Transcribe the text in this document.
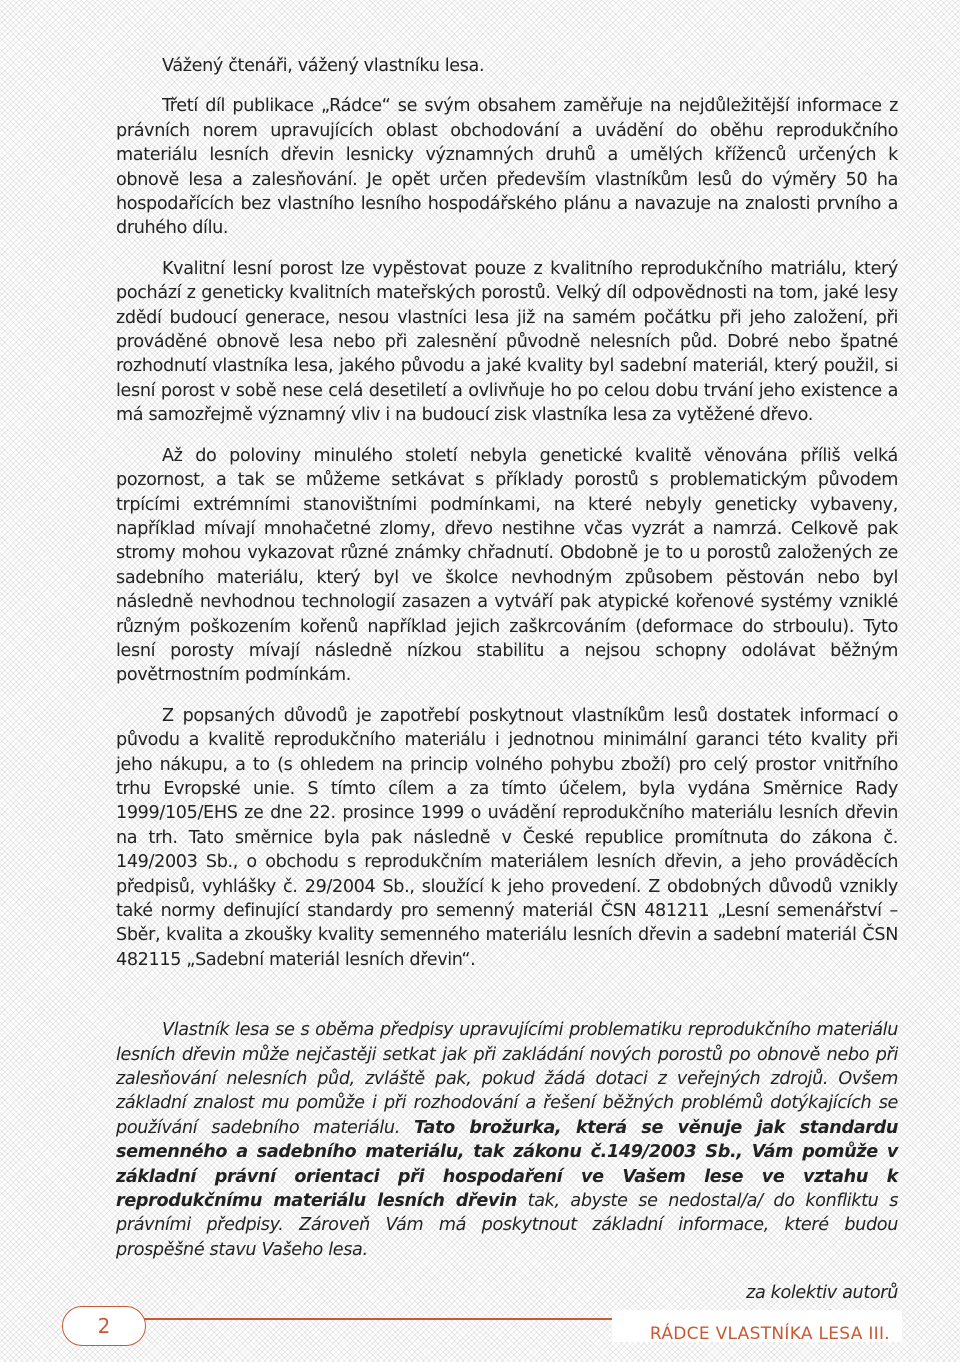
Vážený čtenáři, vážený vlastníku lesa.

Třetí díl publikace „Rádce“ se svým obsahem zaměřuje na nejdůležitější informace z právních norem upravujících oblast obchodování a uvádění do oběhu reprodukčního materiálu lesních dřevin lesnicky významných druhů a umělých kříženců určených k obnově lesa a zalesňování. Je opět určen především vlastníkům lesů do výměry 50 ha hospodařících bez vlastního lesního hospodářského plánu a navazuje na znalosti prvního a druhého dílu.

Kvalitní lesní porost lze vypěstovat pouze z kvalitního reprodukčního matriálu, který pochází z geneticky kvalitních mateřských porostů. Velký díl odpovědnosti na tom, jaké lesy zdědí budoucí generace, nesou vlastníci lesa již na samém počátku při jeho založení, při prováděné obnově lesa nebo při zalesnění původně nelesních půd. Dobré nebo špatné rozhodnutí vlastníka lesa, jakého původu a jaké kvality byl sadební materiál, který použil, si lesní porost v sobě nese celá desetiletí a ovlivňuje ho po celou dobu trvání jeho existence a má samozřejmě významný vliv i na budoucí zisk vlastníka lesa za vytěžené dřevo.

Až do poloviny minulého století nebyla genetické kvalitě věnována příliš velká pozornost, a tak se můžeme setkávat s příklady porostů s problematickým původem trpícími extrémními stanovištními podmínkami, na které nebyly geneticky vybaveny, například mívají mnohačetné zlomy, dřevo nestihne včas vyzrát a namrzá. Celkově pak stromy mohou vykazovat různé známky chřadnutí. Obdobně je to u porostů založených ze sadebního materiálu, který byl ve školce nevhodným způsobem pěstován nebo byl následně nevhodnou technologií zasazen a vytváří pak atypické kořenové systémy vzniklé různým poškozením kořenů například jejich zaškrcováním (deformace do strboulu). Tyto lesní porosty mívají následně nízkou stabilitu a nejsou schopny odolávat běžným povětrnostním podmínkám.

Z popsaných důvodů je zapotřebí poskytnout vlastníkům lesů dostatek informací o původu a kvalitě reprodukčního materiálu i jednotnou minimální garanci této kvality při jeho nákupu, a to (s ohledem na princip volného pohybu zboží) pro celý prostor vnitřního trhu Evropské unie. S tímto cílem a za tímto účelem, byla vydána Směrnice Rady 1999/105/EHS ze dne 22. prosince 1999 o uvádění reprodukčního materiálu lesních dřevin na trh. Tato směrnice byla pak následně v České republice promítnuta do zákona č. 149/2003 Sb., o obchodu s reprodukčním materiálem lesních dřevin, a jeho prováděcích předpisů, vyhlášky č. 29/2004 Sb., sloužící k jeho provedení. Z obdobných důvodů vznikly také normy definující standardy pro semenný materiál ČSN 481211 „Lesní semenářství – Sběr, kvalita a zkoušky kvality semenného materiálu lesních dřevin a sadební materiál ČSN 482115 „Sadební materiál lesních dřevin“.

Vlastník lesa se s oběma předpisy upravujícími problematiku reprodukčního materiálu lesních dřevin může nejčastěji setkat jak při zakládání nových porostů po obnově nebo při zalesňování nelesních půd, zvláště pak, pokud žádá dotaci z veřejných zdrojů. Ovšem základní znalost mu pomůže i při rozhodování a řešení běžných problémů dotýkajících se používání sadebního materiálu. Tato brožurka, která se věnuje jak standardu semenného a sadebního materiálu, tak zákonu č.149/2003 Sb., Vám pomůže v základní právní orientaci při hospodaření ve Vašem lese ve vztahu k reprodukčnímu materiálu lesních dřevin tak, abyste se nedostal/a/ do konfliktu s právními předpisy. Zároveň Vám má poskytnout základní informace, které budou prospěšné stavu Vašeho lesa.

za kolektiv autorů
2	RÁDCE VLASTNÍKA LESA III.
